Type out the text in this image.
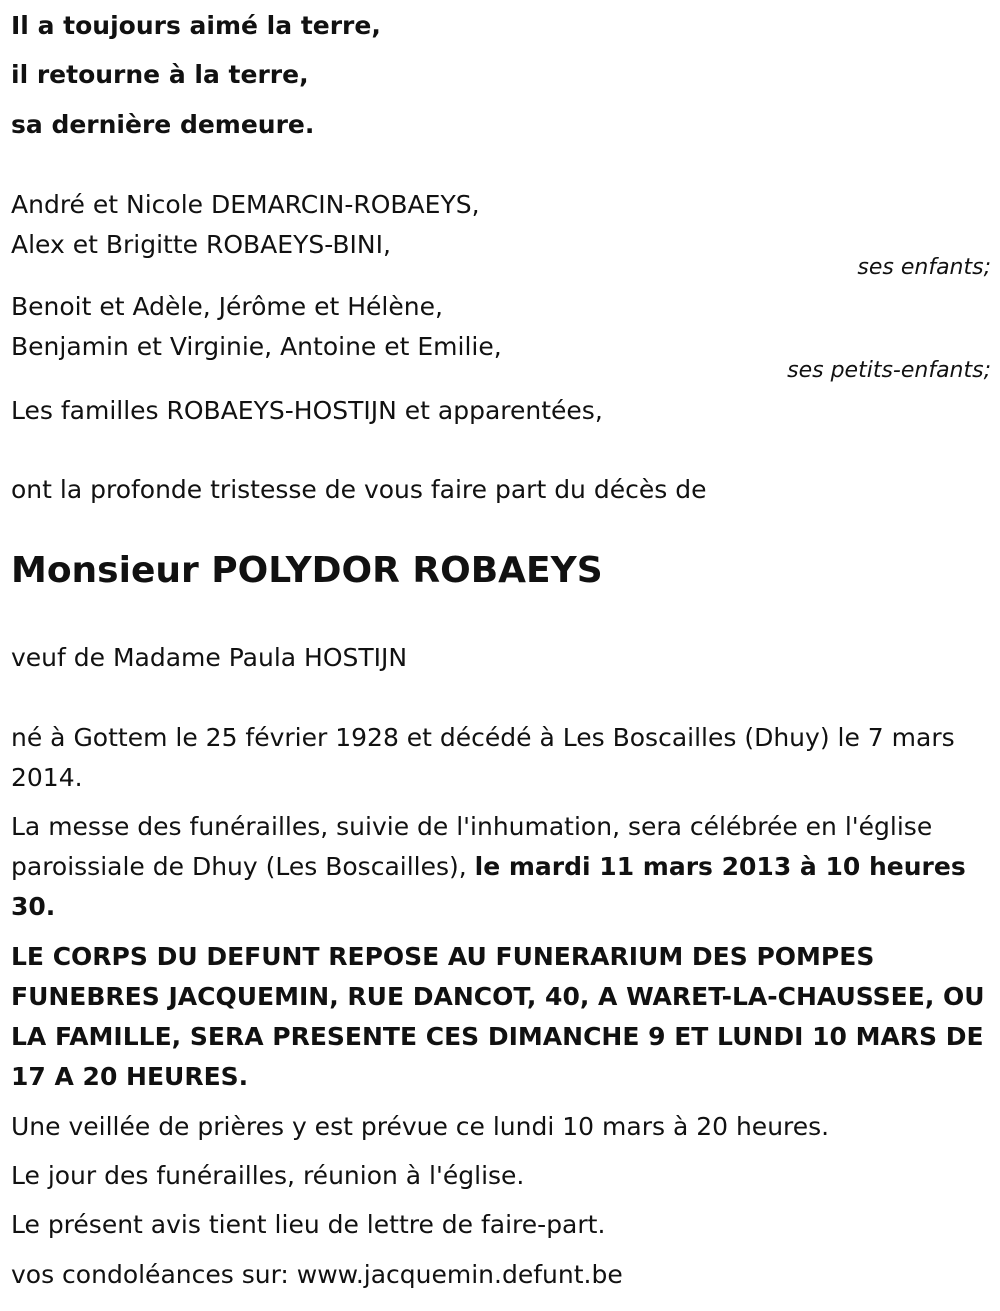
Il a toujours aimé la terre,
il retourne à la terre,
sa dernière demeure.
André et Nicole DEMARCIN-ROBAEYS,
Alex et Brigitte ROBAEYS-BINI,
ses enfants;
Benoit et Adèle, Jérôme et Hélène,
Benjamin et Virginie, Antoine et Emilie,
ses petits-enfants;
Les familles ROBAEYS-HOSTIJN et apparentées,
ont la profonde tristesse de vous faire part du décès de
Monsieur POLYDOR ROBAEYS
veuf de Madame Paula HOSTIJN
né à Gottem le 25 février 1928 et décédé à Les Boscailles (Dhuy) le 7 mars 2014.
La messe des funérailles, suivie de l'inhumation, sera célébrée en l'église paroissiale de Dhuy (Les Boscailles), le mardi 11 mars 2013 à 10 heures 30.
LE CORPS DU DEFUNT REPOSE AU FUNERARIUM DES POMPES FUNEBRES JACQUEMIN, RUE DANCOT, 40, A WARET-LA-CHAUSSEE, OU LA FAMILLE, SERA PRESENTE CES DIMANCHE 9 ET LUNDI 10 MARS DE 17 A 20 HEURES.
Une veillée de prières y est prévue ce lundi 10 mars à 20 heures.
Le jour des funérailles, réunion à l'église.
Le présent avis tient lieu de lettre de faire-part.
vos condoléances sur: www.jacquemin.defunt.be
